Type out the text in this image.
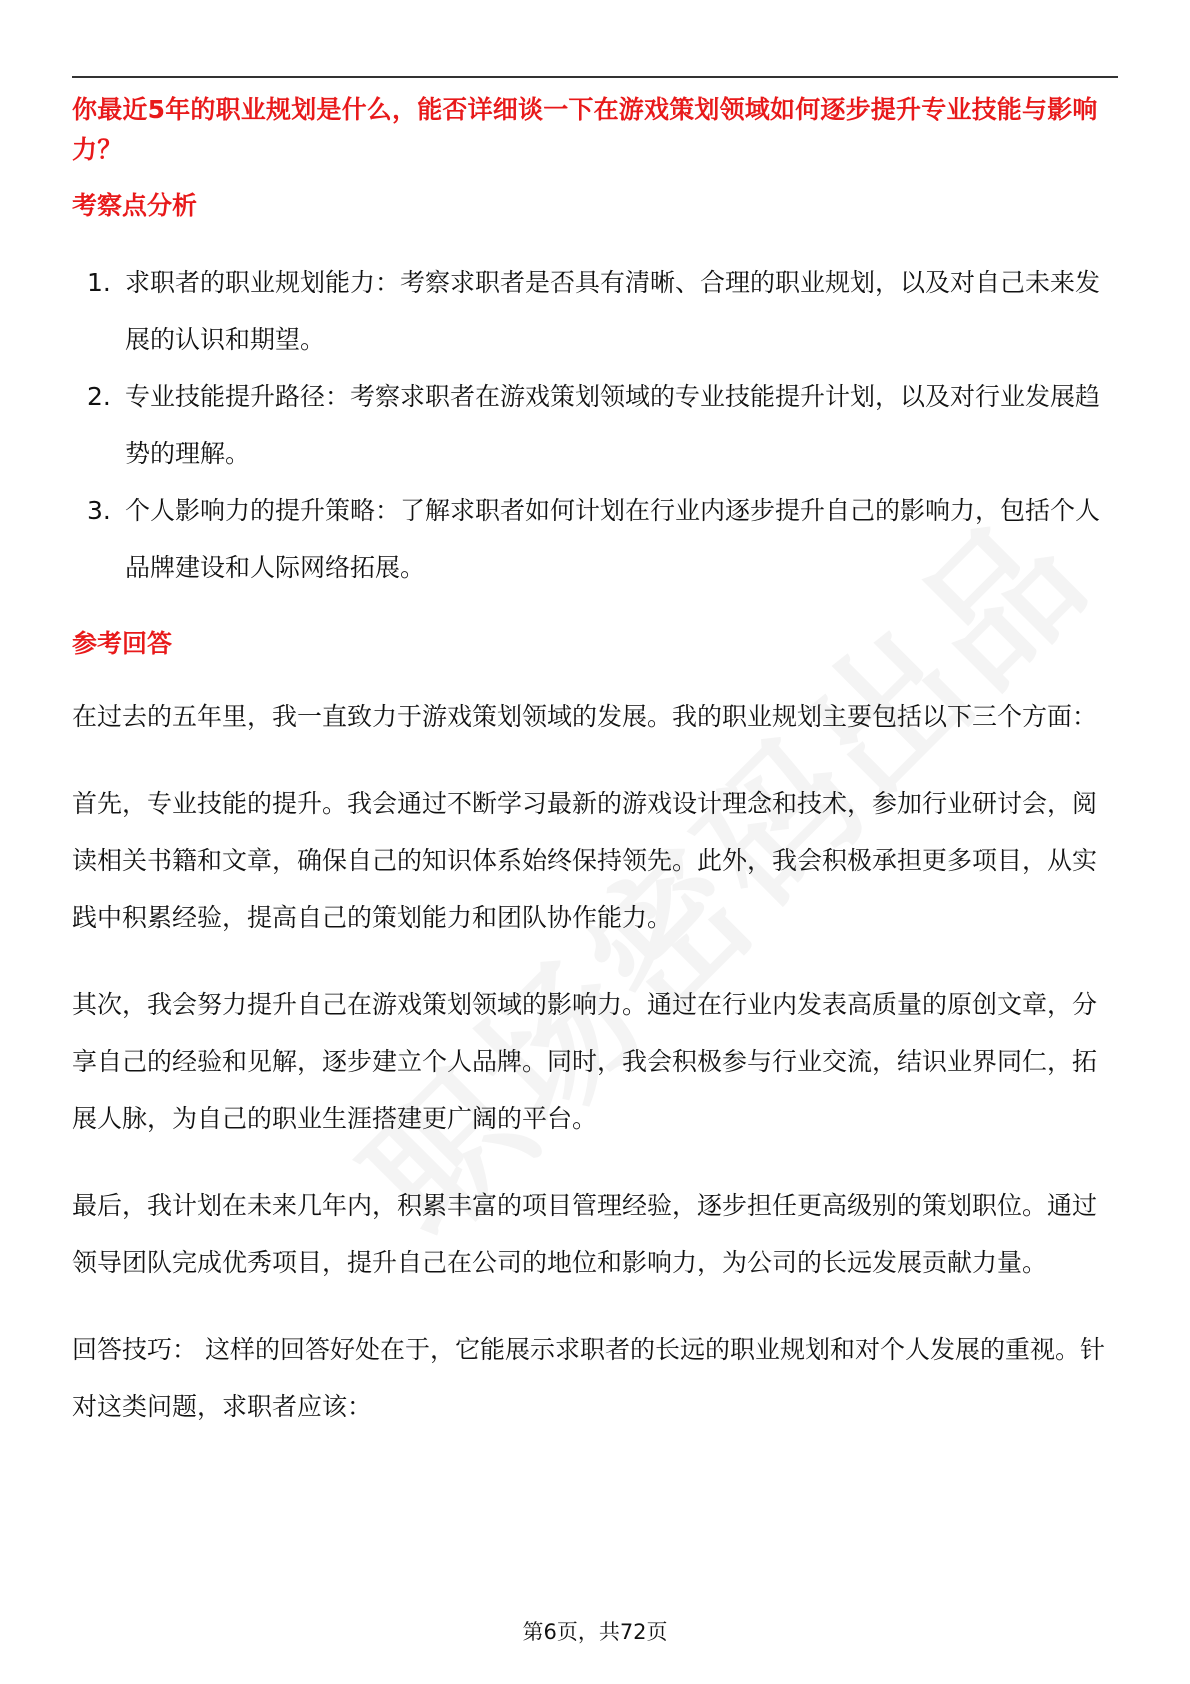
你最近5年的职业规划是什么，能否详细谈一下在游戏策划领域如何逐步提升专业技能与影响力？
考察点分析
1. 求职者的职业规划能力：考察求职者是否具有清晰、合理的职业规划，以及对自己未来发展的认识和期望。
2. 专业技能提升路径：考察求职者在游戏策划领域的专业技能提升计划，以及对行业发展趋势的理解。
3. 个人影响力的提升策略：了解求职者如何计划在行业内逐步提升自己的影响力，包括个人品牌建设和人际网络拓展。
参考回答

在过去的五年里，我一直致力于游戏策划领域的发展。我的职业规划主要包括以下三个方面：

首先，专业技能的提升。我会通过不断学习最新的游戏设计理念和技术，参加行业研讨会，阅读相关书籍和文章，确保自己的知识体系始终保持领先。此外，我会积极承担更多项目，从实践中积累经验，提高自己的策划能力和团队协作能力。

其次，我会努力提升自己在游戏策划领域的影响力。通过在行业内发表高质量的原创文章，分享自己的经验和见解，逐步建立个人品牌。同时，我会积极参与行业交流，结识业界同仁，拓展人脉，为自己的职业生涯搭建更广阔的平台。

最后，我计划在未来几年内，积累丰富的项目管理经验，逐步担任更高级别的策划职位。通过领导团队完成优秀项目，提升自己在公司的地位和影响力，为公司的长远发展贡献力量。

回答技巧： 这样的回答好处在于，它能展示求职者的长远的职业规划和对个人发展的重视。针对这类问题，求职者应该：

第6页，共72页
